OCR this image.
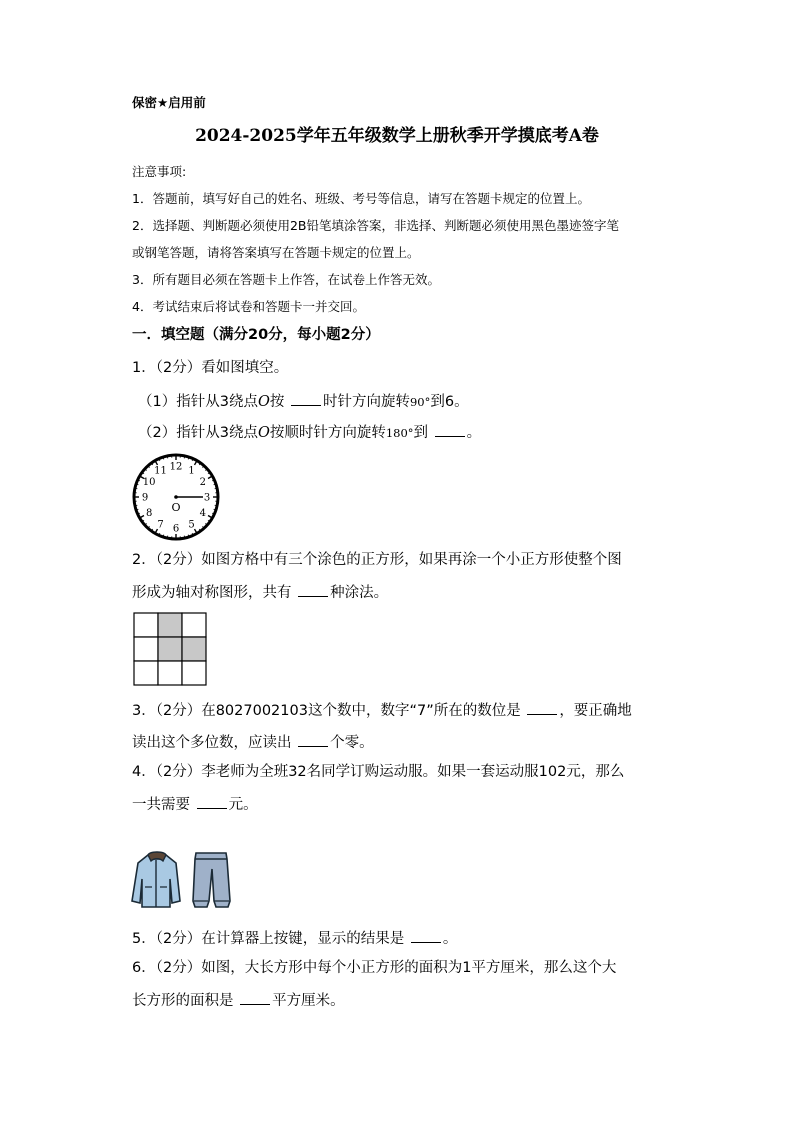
保密★启用前
2024-2025学年五年级数学上册秋季开学摸底考A卷
注意事项:
1．答题前，填写好自己的姓名、班级、考号等信息，请写在答题卡规定的位置上。
2．选择题、判断题必须使用2B铅笔填涂答案，非选择、判断题必须使用黑色墨迹签字笔
或钢笔答题，请将答案填写在答题卡规定的位置上。
3．所有题目必须在答题卡上作答，在试卷上作答无效。
4．考试结束后将试卷和答题卡一并交回。
一．填空题（满分20分，每小题2分）
1．（2分）看如图填空。
（1）指针从3绕点O按	时针方向旋转90°到6。
（2）指针从3绕点O按顺时针方向旋转180°到	。
12 1
2
3
4
5
6
7
8
9
10
11
O
2．（2分）如图方格中有三个涂色的正方形，如果再涂一个小正方形使整个图
形成为轴对称图形，共有	种涂法。
3．（2分）在8027002103这个数中，数字“7”所在的数位是	，要正确地
读出这个多位数，应读出	个零。
4．（2分）李老师为全班32名同学订购运动服。如果一套运动服102元，那么
一共需要	元。
5．（2分）在计算器上按键，显示的结果是	。
6．（2分）如图，大长方形中每个小正方形的面积为1平方厘米，那么这个大
长方形的面积是	平方厘米。
